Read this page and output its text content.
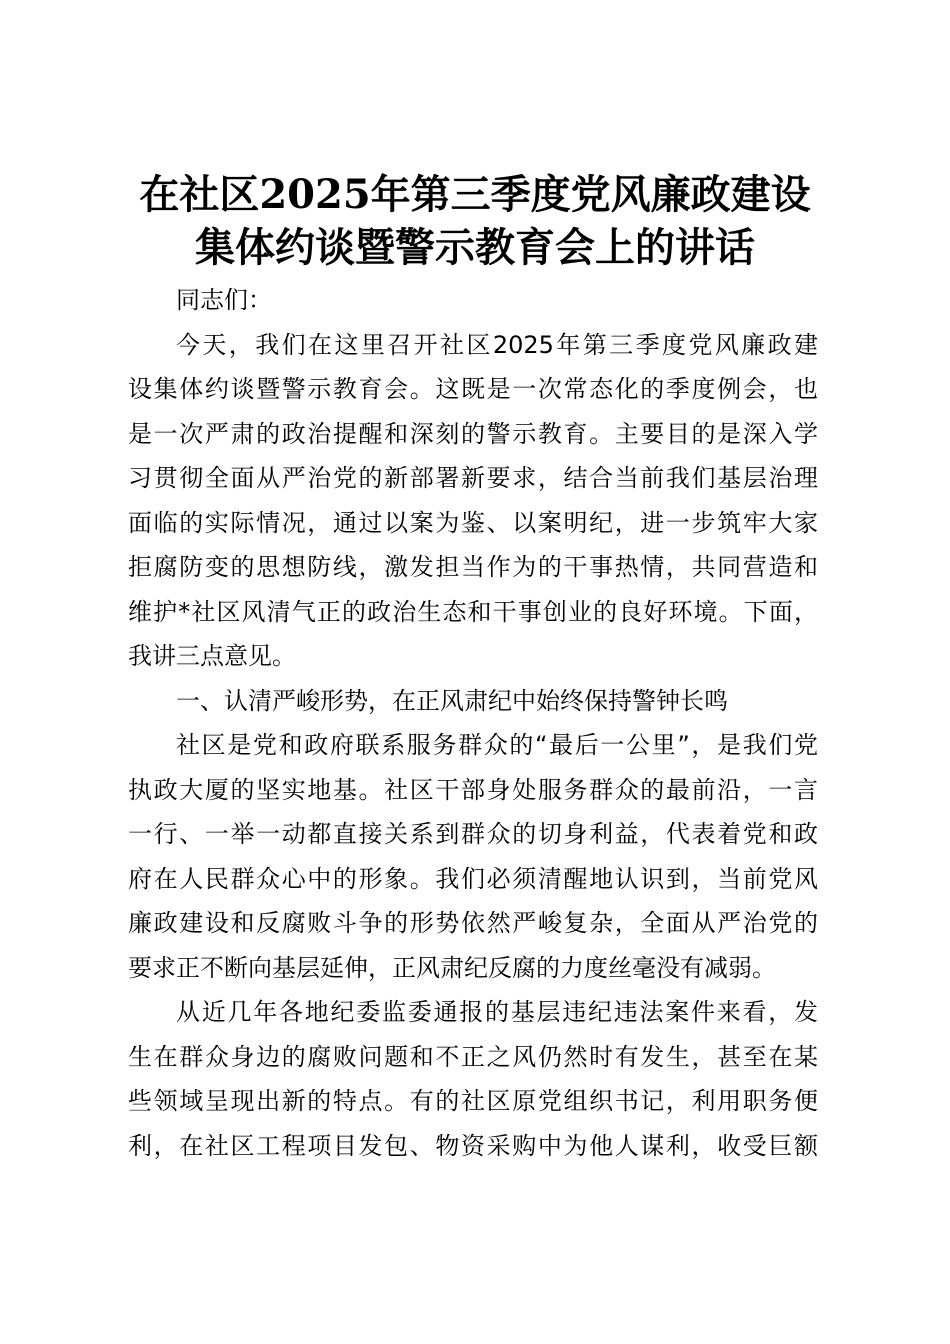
在社区2025年第三季度党风廉政建设
集体约谈暨警示教育会上的讲话

同志们：

今天，我们在这里召开社区2025年第三季度党风廉政建
设集体约谈暨警示教育会。这既是一次常态化的季度例会，也
是一次严肃的政治提醒和深刻的警示教育。主要目的是深入学
习贯彻全面从严治党的新部署新要求，结合当前我们基层治理
面临的实际情况，通过以案为鉴、以案明纪，进一步筑牢大家
拒腐防变的思想防线，激发担当作为的干事热情，共同营造和
维护*社区风清气正的政治生态和干事创业的良好环境。下面，
我讲三点意见。

一、认清严峻形势，在正风肃纪中始终保持警钟长鸣

社区是党和政府联系服务群众的“最后一公里”，是我们党
执政大厦的坚实地基。社区干部身处服务群众的最前沿，一言
一行、一举一动都直接关系到群众的切身利益，代表着党和政
府在人民群众心中的形象。我们必须清醒地认识到，当前党风
廉政建设和反腐败斗争的形势依然严峻复杂，全面从严治党的
要求正不断向基层延伸，正风肃纪反腐的力度丝毫没有减弱。

从近几年各地纪委监委通报的基层违纪违法案件来看，发
生在群众身边的腐败问题和不正之风仍然时有发生，甚至在某
些领域呈现出新的特点。有的社区原党组织书记，利用职务便
利，在社区工程项目发包、物资采购中为他人谋利，收受巨额
